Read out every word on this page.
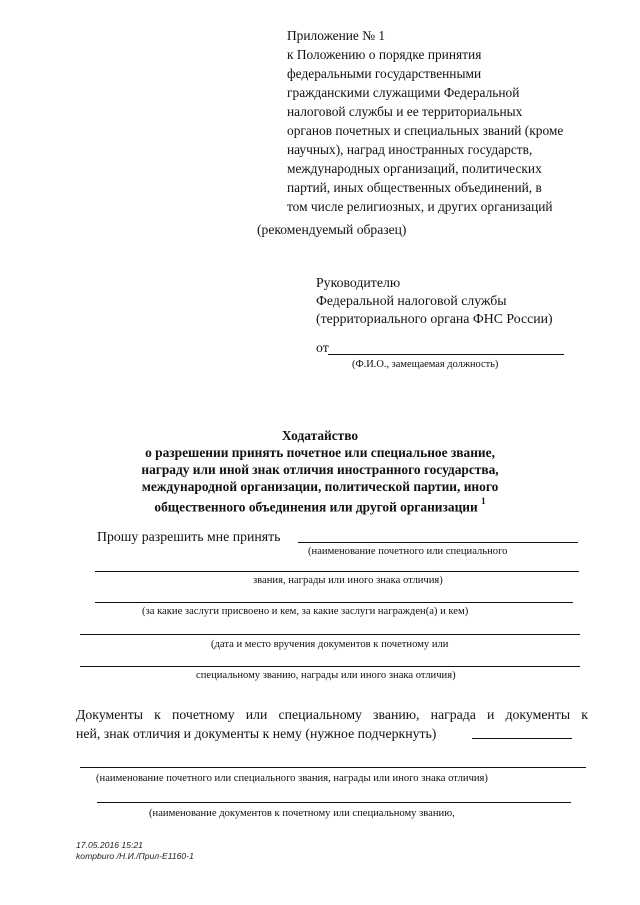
Приложение № 1
к Положению о порядке принятия
федеральными государственными
гражданскими служащими Федеральной
налоговой службы и ее территориальных
органов почетных и специальных званий (кроме
научных), наград иностранных государств,
международных организаций, политических
партий, иных общественных объединений, в
том числе религиозных, и других организаций
(рекомендуемый образец)
Руководителю
Федеральной налоговой службы
(территориального органа ФНС России)
от
(Ф.И.О., замещаемая должность)
Ходатайство
о разрешении принять почетное или специальное звание,
награду или иной знак отличия иностранного государства,
международной организации, политической партии, иного
общественного объединения или другой организации $^1$
Прошу разрешить мне принять
(наименование почетного или специального
звания, награды или иного знака отличия)
(за какие заслуги присвоено и кем, за какие заслуги награжден(а) и кем)
(дата и место вручения документов к почетному или
специальному званию, награды или иного знака отличия)
Документы к почетному или специальному званию, награда и документы к
ней, знак отличия и документы к нему (нужное подчеркнуть)
(наименование почетного или специального звания, награды или иного знака отличия)
(наименование документов к почетному или специальному званию,
17.05.2016 15:21
kompburo /Н.И./Прил-Е1160-1
